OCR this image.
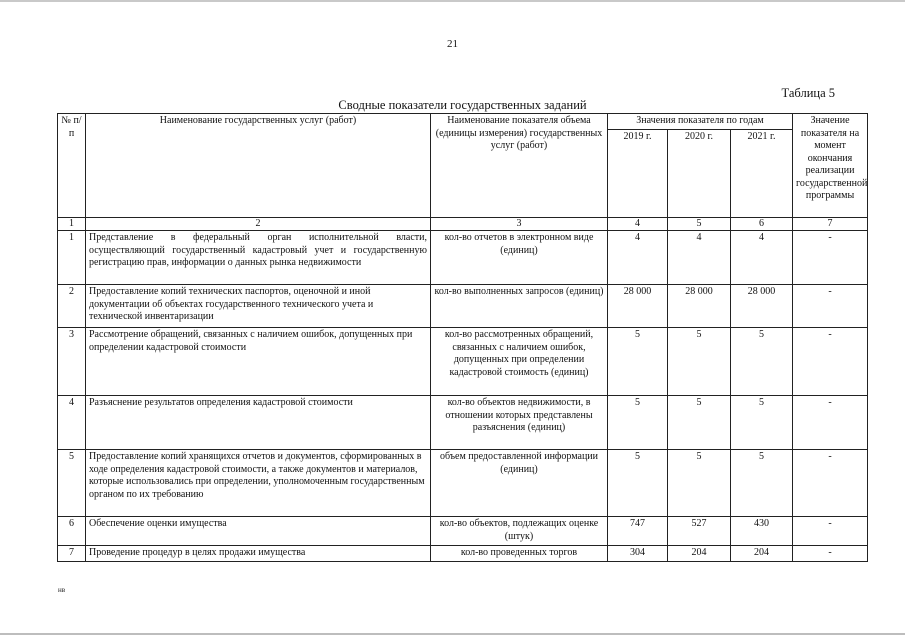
21
Таблица 5
Сводные показатели государственных заданий
№ п/п	Наименование государственных услуг (работ)	Наименование показателя объема (единицы измерения) государственных услуг (работ)	Значения показателя по годам			Значение показателя на момент окончания реализации государственной программы
			2019 г.	2020 г.	2021 г.	
1	2	3	4	5	6	7
1	Представление в федеральный орган исполнительной власти, осуществляющий государственный кадастровый учет и государственную регистрацию прав, информации о данных рынка недвижимости	кол-во отчетов в электронном виде (единиц)	4	4	4	-
2	Предоставление копий технических паспортов, оценочной и иной документации об объектах государственного технического учета и технической инвентаризации	кол-во выполненных запросов (единиц)	28 000	28 000	28 000	-
3	Рассмотрение обращений, связанных с наличием ошибок, допущенных при определении кадастровой стоимости	кол-во рассмотренных обращений, связанных с наличием ошибок, допущенных при определении кадастровой стоимость (единиц)	5	5	5	-
4	Разъяснение результатов определения кадастровой стоимости	кол-во объектов недвижимости, в отношении которых представлены разъяснения (единиц)	5	5	5	-
5	Предоставление копий хранящихся отчетов и документов, сформированных в ходе определения кадастровой стоимости, а также документов и материалов, которые использовались при определении, уполномоченным государственным органом по их требованию	объем предоставленной информации (единиц)	5	5	5	-
6	Обеспечение оценки имущества	кол-во объектов, подлежащих оценке (штук)	747	527	430	-
7	Проведение процедур в целях продажи имущества	кол-во проведенных торгов	304	204	204	-
нв
